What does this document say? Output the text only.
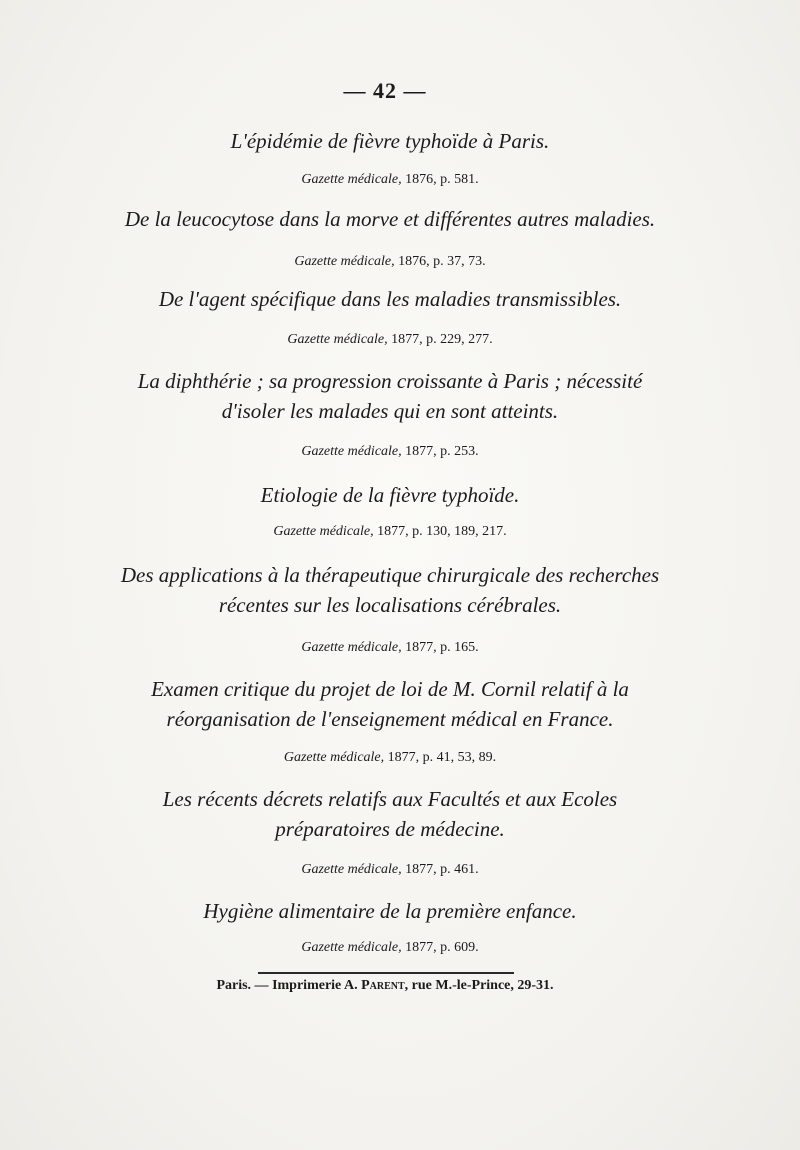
— 42 —

L'épidémie de fièvre typhoïde à Paris.

Gazette médicale, 1876, p. 581.

De la leucocytose dans la morve et différentes autres maladies.

Gazette médicale, 1876, p. 37, 73.

De l'agent spécifique dans les maladies transmissibles.

Gazette médicale, 1877, p. 229, 277.

La diphthérie ; sa progression croissante à Paris ; nécessité
d'isoler les malades qui en sont atteints.

Gazette médicale, 1877, p. 253.

Etiologie de la fièvre typhoïde.

Gazette médicale, 1877, p. 130, 189, 217.

Des applications à la thérapeutique chirurgicale des recherches
récentes sur les localisations cérébrales.

Gazette médicale, 1877, p. 165.

Examen critique du projet de loi de M. Cornil relatif à la
réorganisation de l'enseignement médical en France.

Gazette médicale, 1877, p. 41, 53, 89.

Les récents décrets relatifs aux Facultés et aux Ecoles
préparatoires de médecine.

Gazette médicale, 1877, p. 461.

Hygiène alimentaire de la première enfance.

Gazette médicale, 1877, p. 609.

Paris. — Imprimerie A. Parent, rue M.-le-Prince, 29-31.
